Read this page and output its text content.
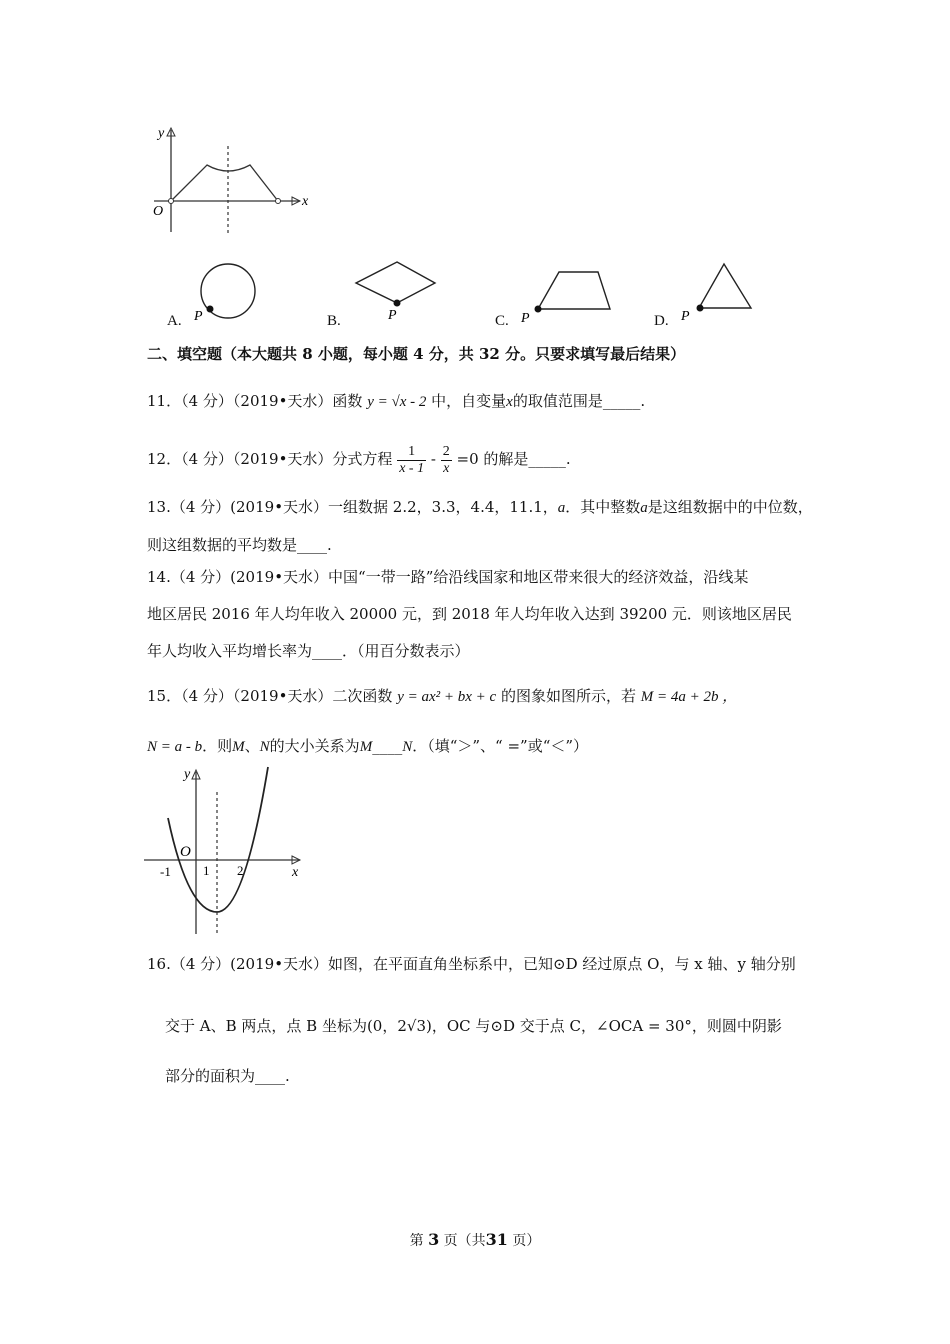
y
x
O
A. P	B.	P	C. P	D. P
二、填空题（本大题共 8 小题，每小题 4 分，共 32 分。只要求填写最后结果）
11．（4 分）（2019•天水）函数 y = √x - 2 中，自变量x的取值范围是_____.
12．（4 分）（2019•天水）分式方程 $\frac{1}{x - 1} - \frac{2}{x} =0$ 的解是_____.
13.（4 分）(2019•天水）一组数据 2.2，3.3，4.4，11.1，a．其中整数a是这组数据中的中位数，
则这组数据的平均数是____.
14.（4 分）(2019•天水）中国“一带一路”给沿线国家和地区带来很大的经济效益，沿线某
地区居民 2016 年人均年收入 20000 元，到 2018 年人均年收入达到 39200 元．则该地区居民
年人均收入平均增长率为____．（用百分数表示）
15．（4 分）（2019•天水）二次函数 y = ax² + bx + c 的图象如图所示，若 M = 4a + 2b ，
N = a - b．则M、N的大小关系为M____N．（填“＞”、“ =”或“＜”）
y
x
O
-1 1 2
16.（4 分）(2019•天水）如图，在平面直角坐标系中，已知⊙D 经过原点 O，与 x 轴、y 轴分别
交于 A、B 两点，点 B 坐标为(0，2√3)，OC 与⊙D 交于点 C，∠OCA = 30°，则圆中阴影
部分的面积为____.
第 3 页（共31 页）
